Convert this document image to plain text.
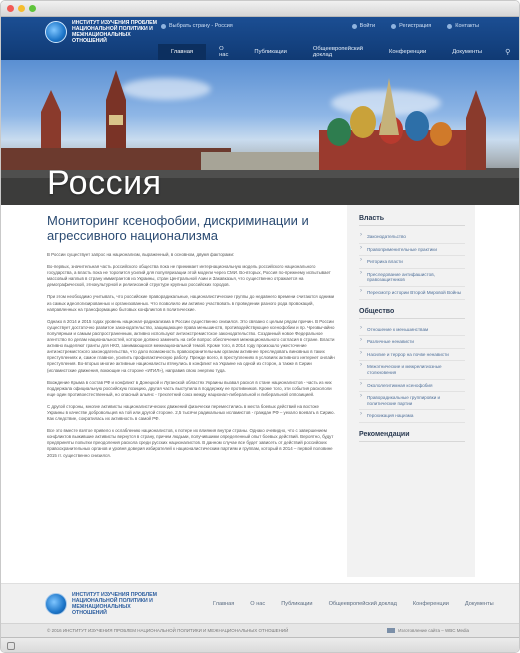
ИНСТИТУТ ИЗУЧЕНИЯ ПРОБЛЕМ НАЦИОНАЛЬНОЙ ПОЛИТИКИ И МЕЖНАЦИОНАЛЬНЫХ ОТНОШЕНИЙ
Выбрать страну - Россия	Войти	Регистрация	Контакты
Главная	О нас	Публикации	Общеевропейский доклад	Конференции	Документы	⚲
Россия
Мониторинг ксенофобии, дискриминации и агрессивного национализма

В России существует запрос на национализм, выраженный, в основном, двумя факторами:

Во-первых, значительная часть российского общества пока не принимает интернациональную модель российского национального государства, а власть пока не торопится усилий для популяризации этой модели через СМИ. Во-вторых, Россия по-прежнему испытывает массовый наплыв в страну иммигрантов из Украины, стран Центральной Азии и Закавказья, что существенно отражается на демографической, этнокультурной и религиозной структуре крупных российских городов.

При этом необходимо учитывать, что российские праворадикальные, националистические группы до недавнего времени считаются одними из самых идеологизированных и организованных. Что позволило им активно участвовать в проведении разного рода провокаций, направленных на трансформацию бытовых конфликтов в политические.

Однако в 2014 и 2015 годах уровень национал-радикализма в России существенно снизился. Это связано с целым рядом причин. В России существует достаточно развитое законодательство, защищающее права меньшинств, противодействующее ксенофобии и пр. Чрезвычайно популярным и самым распространенным, активно используют антиэкстремистское законодательство. Созданный новое Федеральное агентство по делам национальностей, которое должно заменить на себе вопрос обеспечения межнационального согласия в стране. Власти активно выделяют гранты для НКО, занимающихся межнациональной темой. Кроме того, в 2014 году произошло ужесточение антиэкстремистского законодательства, что дало возможность правоохранительным органам активнее преследовать виновных в таких преступлениях и, самое главное, усилить профилактическую работу. Прежде всего, в преступлениях в условиях активного интернет онлайн преступления. Во-вторых многие активные националисты втянулись в конфликт на Украине на одной из сторон, а также в Сирии (исламистские движения, воюющие на стороне «ИГИЛ»), направив свою энергию туда.

Вхождение Крыма в состав РФ и конфликт в Донецкой и Луганской областях Украины вызвал раскол в стане националистов - часть из них поддержала официальную российскую позицию, другая часть выступила в поддержку ее противников. Кроме того, эти события раскололи еще один противоестественный, но опасный альянс - трехлетний союз между национал-либеральной и либеральной оппозицией.

С другой стороны, многие активисты националистических движений физически переместились в места боевых действий на востоке Украины в качестве добровольцев на той или другой стороне. 2,5 тысячи радикальных исламистов - граждан РФ – уехало воевать в Сирию. Как следствие, сократилась их активность в самой РФ.

Все это вместе взятое привело к ослаблению националистов, к потере их влияния внутри страны. Однако очевидно, что с завершением конфликтов выжившие активисты вернутся в страну, причем людьми, получившими определенный опыт боевых действий. Вероятно, будут предприняты попытки преодоления раскола среди русских националистов. В данном случае все будет зависеть от действий российских правоохранительных органов и уровня доверия избирателей к националистическим партиям и группам, который в 2014 – первой половине 2015 гг. существенно снизился.

Власть
› Законодательство
› Правоприменительные практики
› Риторика власти
› Преследование антифашистов, правозащитников
› Пересмотр истории Второй Мировой Войны
Общество
› Отношение к меньшинствам
› Различные ненависти
› Насилие и террор на почве ненависти
› Межэтнические и межрелигиозные столкновения
› Окололегитимная ксенофобия
› Праворадикальные группировки и политические партии
› Герохикация нацизма
Рекомендации
ИНСТИТУТ ИЗУЧЕНИЯ ПРОБЛЕМ НАЦИОНАЛЬНОЙ ПОЛИТИКИ И МЕЖНАЦИОНАЛЬНЫХ ОТНОШЕНИЙ
Главная	О нас	Публикации	Общеевропейский доклад	Конференции	Документы
© 2016 ИНСТИТУТ ИЗУЧЕНИЯ ПРОБЛЕМ НАЦИОНАЛЬНОЙ ПОЛИТИКИ И МЕЖНАЦИОНАЛЬНЫХ ОТНОШЕНИЙ	Изготовление сайта – WBC Media
